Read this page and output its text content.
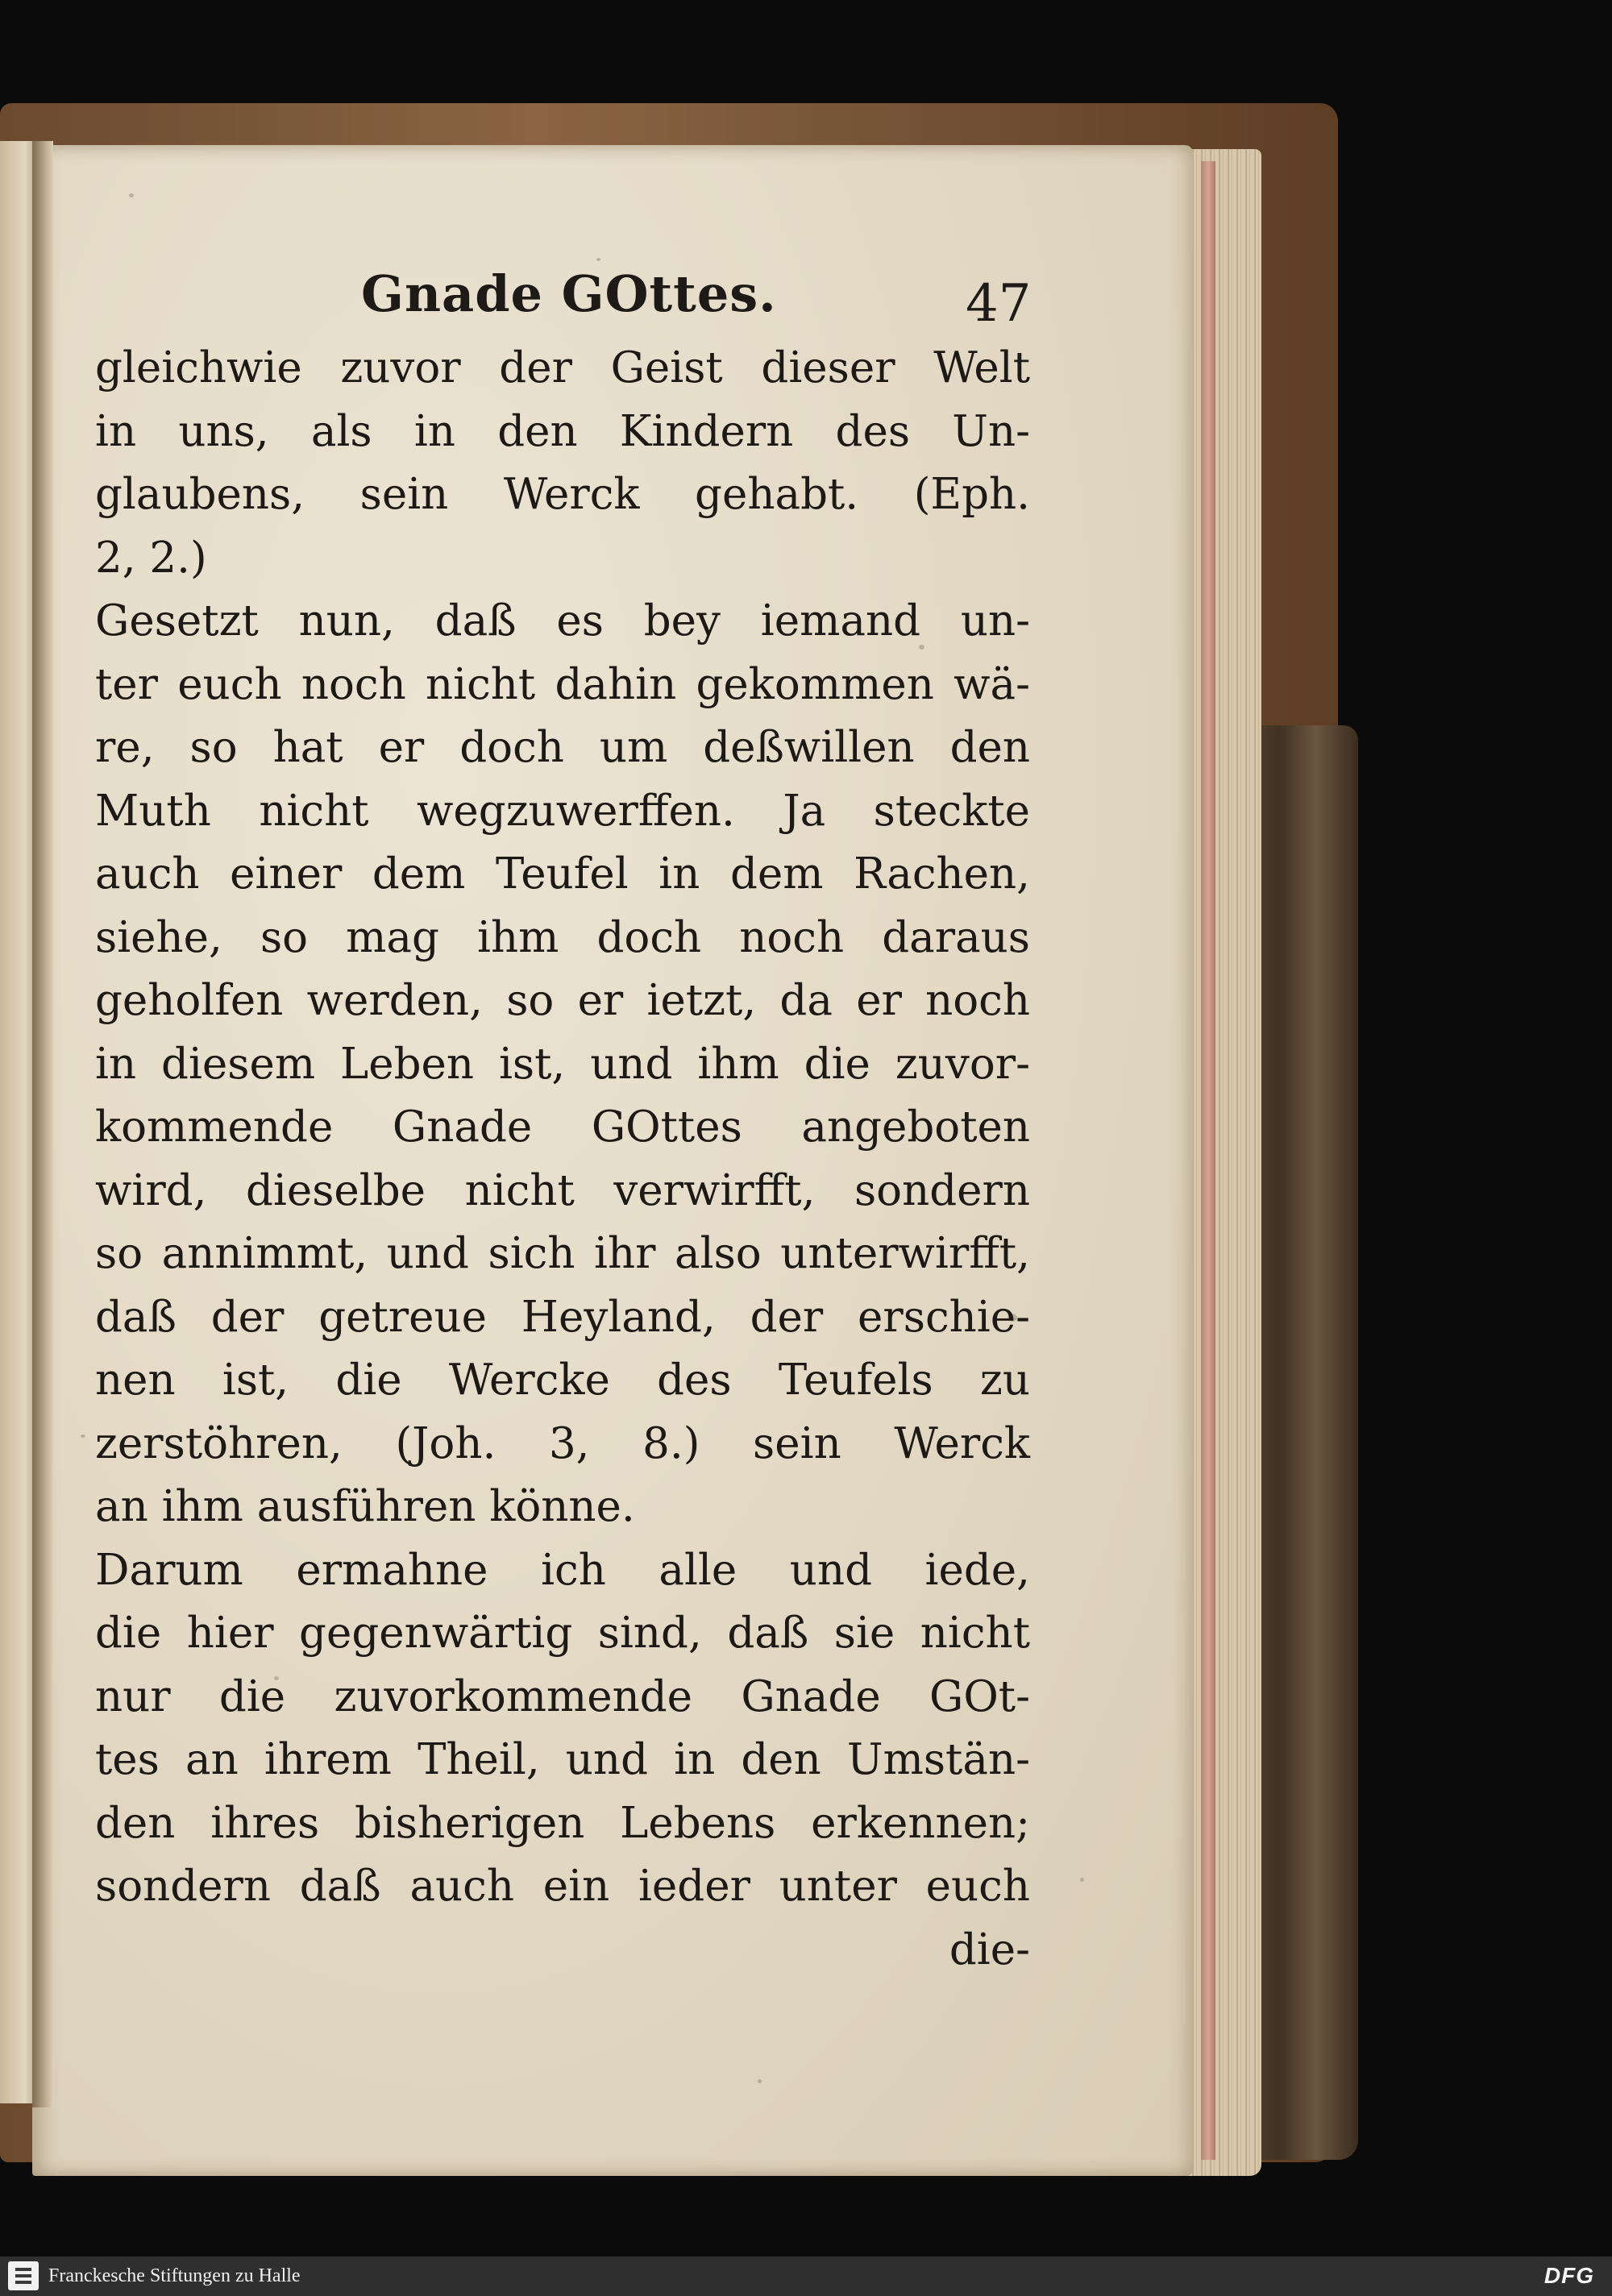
Gnade GOttes.	47
gleichwie zuvor der Geist dieser Welt
in uns, als in den Kindern des Un-
glaubens, sein Werck gehabt. (Eph.
2, 2.)
Gesetzt nun, daß es bey iemand un-
ter euch noch nicht dahin gekommen wä-
re, so hat er doch um deßwillen den
Muth nicht wegzuwerffen. Ja steckte
auch einer dem Teufel in dem Rachen,
siehe, so mag ihm doch noch daraus
geholfen werden, so er ietzt, da er noch
in diesem Leben ist, und ihm die zuvor-
kommende Gnade GOttes angeboten
wird, dieselbe nicht verwirfft, sondern
so annimmt, und sich ihr also unterwirfft,
daß der getreue Heyland, der erschie-
nen ist, die Wercke des Teufels zu
zerstöhren, (Joh. 3, 8.) sein Werck
an ihm ausführen könne.
Darum ermahne ich alle und iede,
die hier gegenwärtig sind, daß sie nicht
nur die zuvorkommende Gnade GOt-
tes an ihrem Theil, und in den Umstän-
den ihres bisherigen Lebens erkennen;
sondern daß auch ein ieder unter euch
die-
Franckesche Stiftungen zu Halle	DFG
